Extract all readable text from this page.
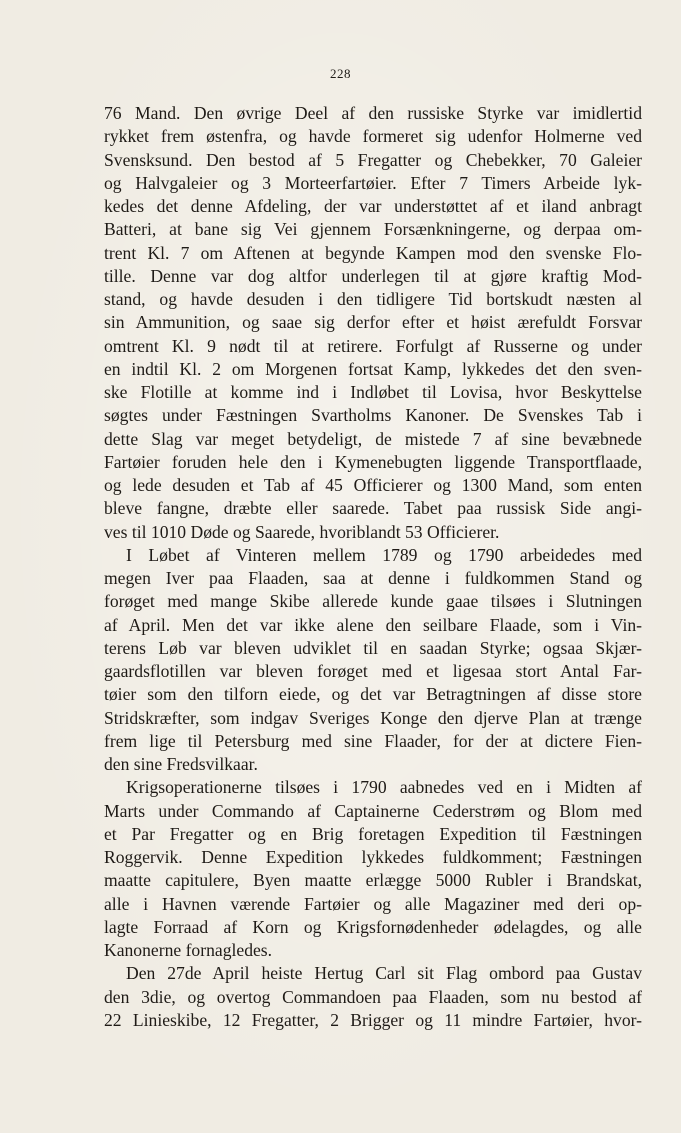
228
76 Mand. Den øvrige Deel af den russiske Styrke var imidlertid
rykket frem østenfra, og havde formeret sig udenfor Holmerne ved
Svensksund. Den bestod af 5 Fregatter og Chebekker, 70 Galeier
og Halvgaleier og 3 Morteerfartøier. Efter 7 Timers Arbeide lyk-
kedes det denne Afdeling, der var understøttet af et iland anbragt
Batteri, at bane sig Vei gjennem Forsænkningerne, og derpaa om-
trent Kl. 7 om Aftenen at begynde Kampen mod den svenske Flo-
tille. Denne var dog altfor underlegen til at gjøre kraftig Mod-
stand, og havde desuden i den tidligere Tid bortskudt næsten al
sin Ammunition, og saae sig derfor efter et høist ærefuldt Forsvar
omtrent Kl. 9 nødt til at retirere. Forfulgt af Russerne og under
en indtil Kl. 2 om Morgenen fortsat Kamp, lykkedes det den sven-
ske Flotille at komme ind i Indløbet til Lovisa, hvor Beskyttelse
søgtes under Fæstningen Svartholms Kanoner. De Svenskes Tab i
dette Slag var meget betydeligt, de mistede 7 af sine bevæbnede
Fartøier foruden hele den i Kymenebugten liggende Transportflaade,
og lede desuden et Tab af 45 Officierer og 1300 Mand, som enten
bleve fangne, dræbte eller saarede. Tabet paa russisk Side angi-
ves til 1010 Døde og Saarede, hvoriblandt 53 Officierer.
I Løbet af Vinteren mellem 1789 og 1790 arbeidedes med
megen Iver paa Flaaden, saa at denne i fuldkommen Stand og
forøget med mange Skibe allerede kunde gaae tilsøes i Slutningen
af April. Men det var ikke alene den seilbare Flaade, som i Vin-
terens Løb var bleven udviklet til en saadan Styrke; ogsaa Skjær-
gaardsflotillen var bleven forøget med et ligesaa stort Antal Far-
tøier som den tilforn eiede, og det var Betragtningen af disse store
Stridskræfter, som indgav Sveriges Konge den djerve Plan at trænge
frem lige til Petersburg med sine Flaader, for der at dictere Fien-
den sine Fredsvilkaar.
Krigsoperationerne tilsøes i 1790 aabnedes ved en i Midten af
Marts under Commando af Captainerne Cederstrøm og Blom med
et Par Fregatter og en Brig foretagen Expedition til Fæstningen
Roggervik. Denne Expedition lykkedes fuldkomment; Fæstningen
maatte capitulere, Byen maatte erlægge 5000 Rubler i Brandskat,
alle i Havnen værende Fartøier og alle Magaziner med deri op-
lagte Forraad af Korn og Krigsfornødenheder ødelagdes, og alle
Kanonerne fornagledes.
Den 27de April heiste Hertug Carl sit Flag ombord paa Gustav
den 3die, og overtog Commandoen paa Flaaden, som nu bestod af
22 Linieskibe, 12 Fregatter, 2 Brigger og 11 mindre Fartøier, hvor-
